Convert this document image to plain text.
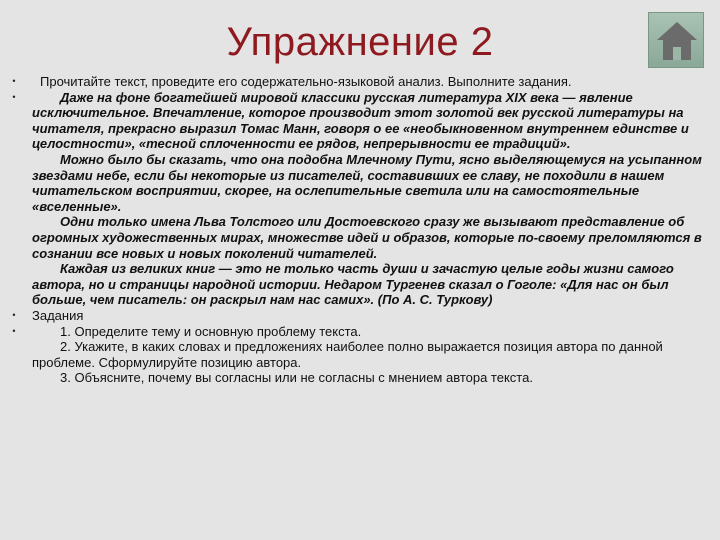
Упражнение 2
•	Прочитайте текст, проведите его содержательно-языковой анализ. Выполните задания.

•	Даже на фоне богатейшей мировой классики русская литература XIX века — явление исключительное. Впечатление, которое производит этот золотой век русской литературы на читателя, прекрасно выразил Томас Манн, говоря о ее «необыкновенном внутреннем единстве и целостности», «тесной сплоченности ее рядов, непрерывности ее традиций».

Можно было бы сказать, что она подобна Млечному Пути, ясно выделяющемуся на усыпанном звездами небе, если бы некоторые из писателей, составивших ее славу, не походили в нашем читательском восприятии, скорее, на ослепительные светила или на самостоятельные «вселенные».

Одни только имена Льва Толстого или Достоевского сразу же вызывают представление об огромных художественных мирах, множестве идей и образов, которые по-своему преломляются в сознании все новых и новых поколений читателей.

Каждая из великих книг — это не только часть души и зачастую целые годы жизни самого автора, но и страницы народной истории. Недаром Тургенев сказал о Гоголе: «Для нас он был больше, чем писатель: он раскрыл нам нас самих». (По А. С. Туркову)

•	Задания

•	1. Определите тему и основную проблему текста.

2. Укажите, в каких словах и предложениях наиболее полно выражается позиция автора по данной проблеме. Сформулируйте позицию автора.

3. Объясните, почему вы согласны или не согласны с мнением автора текста.
